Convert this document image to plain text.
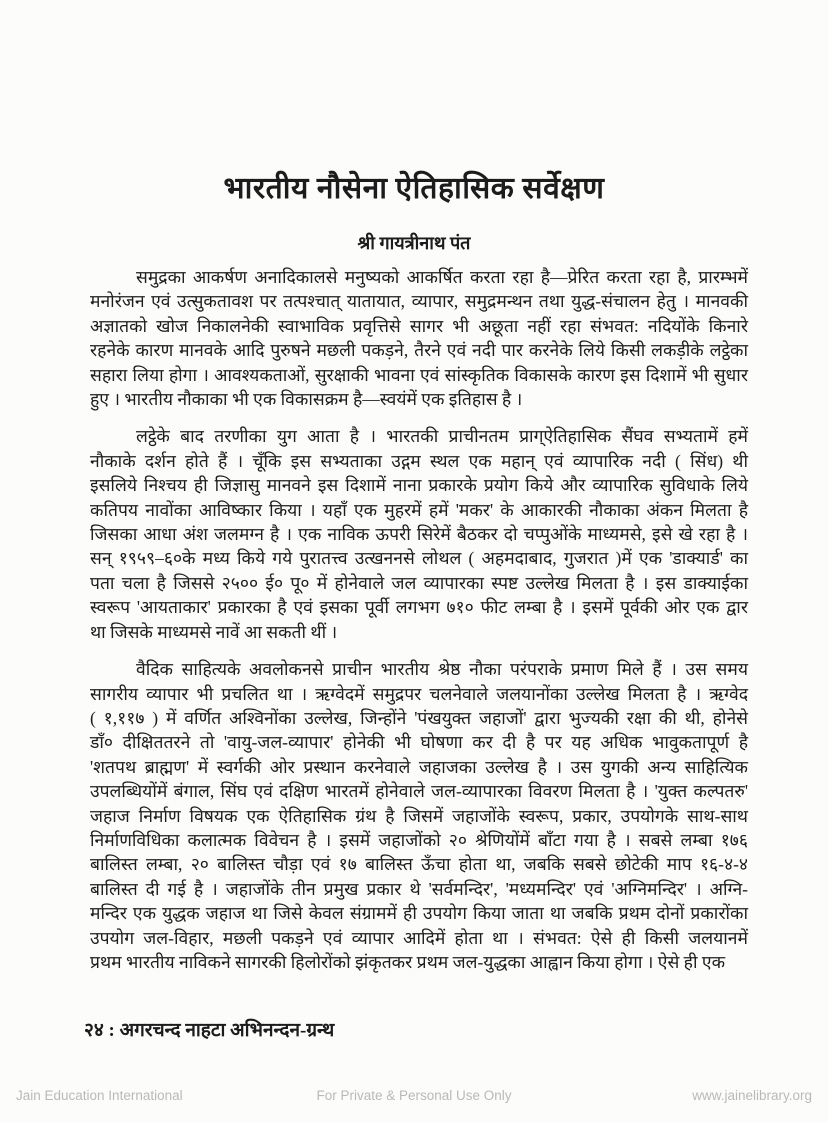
भारतीय नौसेना ऐतिहासिक सर्वेक्षण
श्री गायत्रीनाथ पंत
समुद्रका आकर्षण अनादिकालसे मनुष्यको आकर्षित करता रहा है—प्रेरित करता रहा है, प्रारम्भमें
मनोरंजन एवं उत्सुकतावश पर तत्पश्चात् यातायात, व्यापार, समुद्रमन्थन तथा युद्ध-संचालन हेतु । मानवकी
अज्ञातको खोज निकालनेकी स्वाभाविक प्रवृत्तिसे सागर भी अछूता नहीं रहा संभवत: नदियोंके किनारे
रहनेके कारण मानवके आदि पुरुषने मछली पकड़ने, तैरने एवं नदी पार करनेके लिये किसी लकड़ीके लट्ठेका
सहारा लिया होगा । आवश्यकताओं, सुरक्षाकी भावना एवं सांस्कृतिक विकासके कारण इस दिशामें भी सुधार
हुए । भारतीय नौकाका भी एक विकासक्रम है—स्वयंमें एक इतिहास है ।
लट्ठेके बाद तरणीका युग आता है । भारतकी प्राचीनतम प्राग्ऐतिहासिक सैंघव सभ्यतामें हमें
नौकाके दर्शन होते हैं । चूँकि इस सभ्यताका उद्गम स्थल एक महान् एवं व्यापारिक नदी ( सिंध) थी
इसलिये निश्चय ही जिज्ञासु मानवने इस दिशामें नाना प्रकारके प्रयोग किये और व्यापारिक सुविधाके लिये
कतिपय नावोंका आविष्कार किया । यहाँ एक मुहरमें हमें 'मकर' के आकारकी नौकाका अंकन मिलता है
जिसका आधा अंश जलमग्न है । एक नाविक ऊपरी सिरेमें बैठकर दो चप्पुओंके माध्यमसे, इसे खे रहा है ।
सन् १९५९–६०के मध्य किये गये पुरातत्त्व उत्खननसे लोथल ( अहमदाबाद, गुजरात )में एक 'डाक्यार्ड' का
पता चला है जिससे २५०० ई० पू० में होनेवाले जल व्यापारका स्पष्ट उल्लेख मिलता है । इस डाक्याईका
स्वरूप 'आयताकार' प्रकारका है एवं इसका पूर्वी लगभग ७१० फीट लम्बा है । इसमें पूर्वकी ओर एक द्वार
था जिसके माध्यमसे नावें आ सकती थीं ।
वैदिक साहित्यके अवलोकनसे प्राचीन भारतीय श्रेष्ठ नौका परंपराके प्रमाण मिले हैं । उस समय
सागरीय व्यापार भी प्रचलित था । ऋग्वेदमें समुद्रपर चलनेवाले जलयानोंका उल्लेख मिलता है । ऋग्वेद
( १,११७ ) में वर्णित अश्विनोंका उल्लेख, जिन्होंने 'पंखयुक्त जहाजों' द्वारा भुज्यकी रक्षा की थी, होनेसे
डाँ० दीक्षिततरने तो 'वायु-जल-व्यापार' होनेकी भी घोषणा कर दी है पर यह अधिक भावुकतापूर्ण है
'शतपथ ब्राह्मण' में स्वर्गकी ओर प्रस्थान करनेवाले जहाजका उल्लेख है । उस युगकी अन्य साहित्यिक
उपलब्धियोंमें बंगाल, सिंघ एवं दक्षिण भारतमें होनेवाले जल-व्यापारका विवरण मिलता है । 'युक्त कल्पतरु'
जहाज निर्माण विषयक एक ऐतिहासिक ग्रंथ है जिसमें जहाजोंके स्वरूप, प्रकार, उपयोगके साथ-साथ
निर्माणविधिका कलात्मक विवेचन है । इसमें जहाजोंको २० श्रेणियोंमें बाँटा गया है । सबसे लम्बा १७६
बालिस्त लम्बा, २० बालिस्त चौड़ा एवं १७ बालिस्त ऊँचा होता था, जबकि सबसे छोटेकी माप १६-४-४
बालिस्त दी गई है । जहाजोंके तीन प्रमुख प्रकार थे 'सर्वमन्दिर', 'मध्यमन्दिर' एवं 'अग्निमन्दिर' । अग्नि-
मन्दिर एक युद्धक जहाज था जिसे केवल संग्राममें ही उपयोग किया जाता था जबकि प्रथम दोनों प्रकारोंका
उपयोग जल-विहार, मछली पकड़ने एवं व्यापार आदिमें होता था । संभवत: ऐसे ही किसी जलयानमें
प्रथम भारतीय नाविकने सागरकी हिलोरोंको झंकृतकर प्रथम जल-युद्धका आह्वान किया होगा । ऐसे ही एक
२४ : अगरचन्द नाहटा अभिनन्दन-ग्रन्थ
Jain Education International	For Private & Personal Use Only	www.jainelibrary.org
